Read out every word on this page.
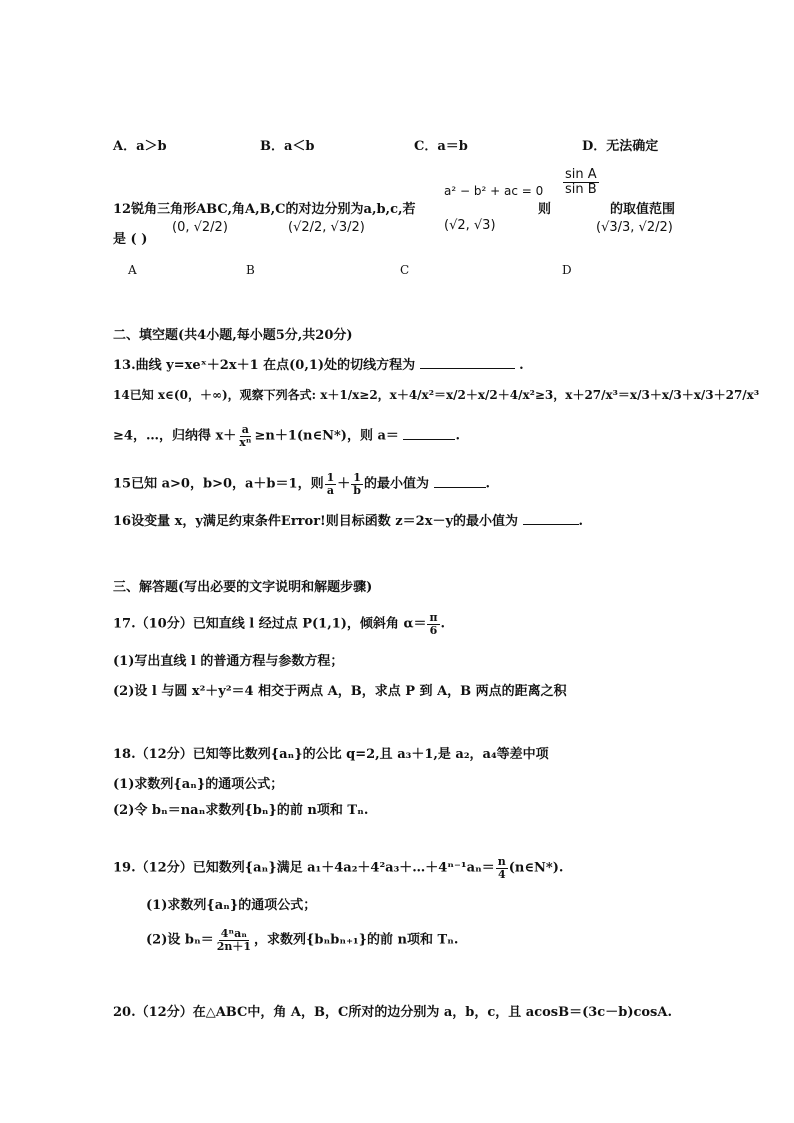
A．a＞b	B．a＜b	C．a＝b	D．无法确定
12锐角三角形ABC,角A,B,C的对边分别为a,b,c,若
a² − b² + ac = 0
则
$\frac{\text{sin A}}{\text{sin B}}$
的取值范围
是 ( )
(0, √2/2)	(√2/2, √3/2)	(√2, √3)	(√3/3, √2/2)
A	B	C	D
二、填空题(共4小题,每小题5分,共20分)
13.曲线 y=xeˣ＋2x＋1 在点(0,1)处的切线方程为	.
14已知 x∈(0，＋∞)，观察下列各式: x＋1/x≥2，x＋4/x²＝x/2＋x/2＋4/x²≥3，x＋27/x³＝x/3＋x/3＋x/3＋27/x³
≥4，…，归纳得 $x+ \frac{a}{\text{xⁿ}}$ ≥n＋1(n∈N*)，则 a＝	.
15已知 a>0，b>0，a＋b＝1，则 $\frac{1}{a} + \frac{1}{b}$ 的最小值为	.
16设变量 x，y满足约束条件Error!则目标函数 z＝2x－y的最小值为	.
三、解答题(写出必要的文字说明和解题步骤)
17.（10分）已知直线 l 经过点 P(1,1)，倾斜角 $\alpha= \frac{\pi}{6}$ .
(1)写出直线 l 的普通方程与参数方程；
(2)设 l 与圆 x²＋y²＝4 相交于两点 A，B，求点 P 到 A，B 两点的距离之积
18.（12分）已知等比数列{aₙ}的公比 q=2,且 a₃＋1,是 a₂，a₄等差中项
(1)求数列{aₙ}的通项公式；
(2)令 bₙ＝naₙ求数列{bₙ}的前 n项和 Tₙ.
19.（12分）已知数列{aₙ}满足 a₁＋4a₂＋4²a₃＋…＋4ⁿ⁻¹aₙ＝ $\frac{n}{4}$ (n∈N*).
(1)求数列{aₙ}的通项公式；
(2)设 $b_n= \frac{\text{4ⁿaₙ}}{2n+1}$ ，求数列{bₙbₙ₊₁}的前 n项和 Tₙ.
20.（12分）在△ABC中，角 A，B，C所对的边分别为 a，b，c，且 acosB＝(3c－b)cosA.
